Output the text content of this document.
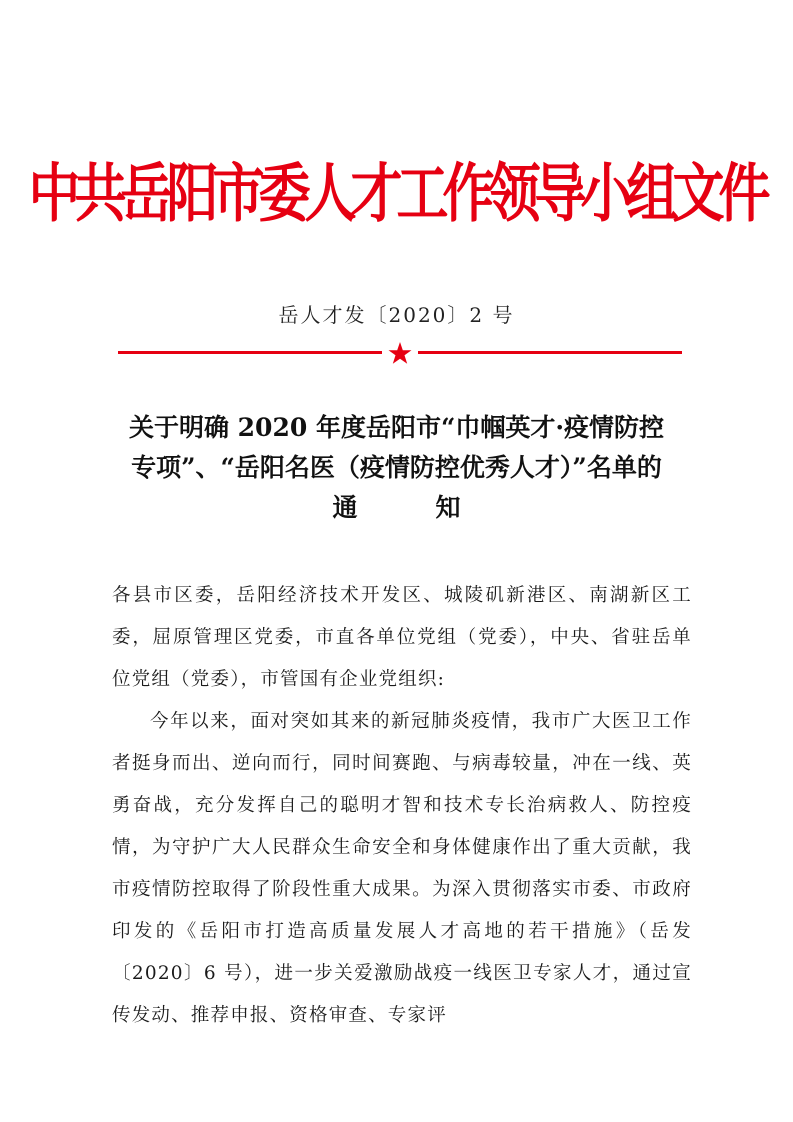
中共岳阳市委人才工作领导小组文件
岳人才发〔2020〕2 号
关于明确 2020 年度岳阳市“巾帼英才·疫情防控
专项”、“岳阳名医（疫情防控优秀人才）”名单的
通	知

各县市区委，岳阳经济技术开发区、城陵矶新港区、南湖新区工委，屈原管理区党委，市直各单位党组（党委），中央、省驻岳单位党组（党委），市管国有企业党组织:

今年以来，面对突如其来的新冠肺炎疫情，我市广大医卫工作者挺身而出、逆向而行，同时间赛跑、与病毒较量，冲在一线、英勇奋战，充分发挥自己的聪明才智和技术专长治病救人、防控疫情，为守护广大人民群众生命安全和身体健康作出了重大贡献，我市疫情防控取得了阶段性重大成果。为深入贯彻落实市委、市政府印发的《岳阳市打造高质量发展人才高地的若干措施》（岳发〔2020〕6 号），进一步关爱激励战疫一线医卫专家人才，通过宣传发动、推荐申报、资格审查、专家评
